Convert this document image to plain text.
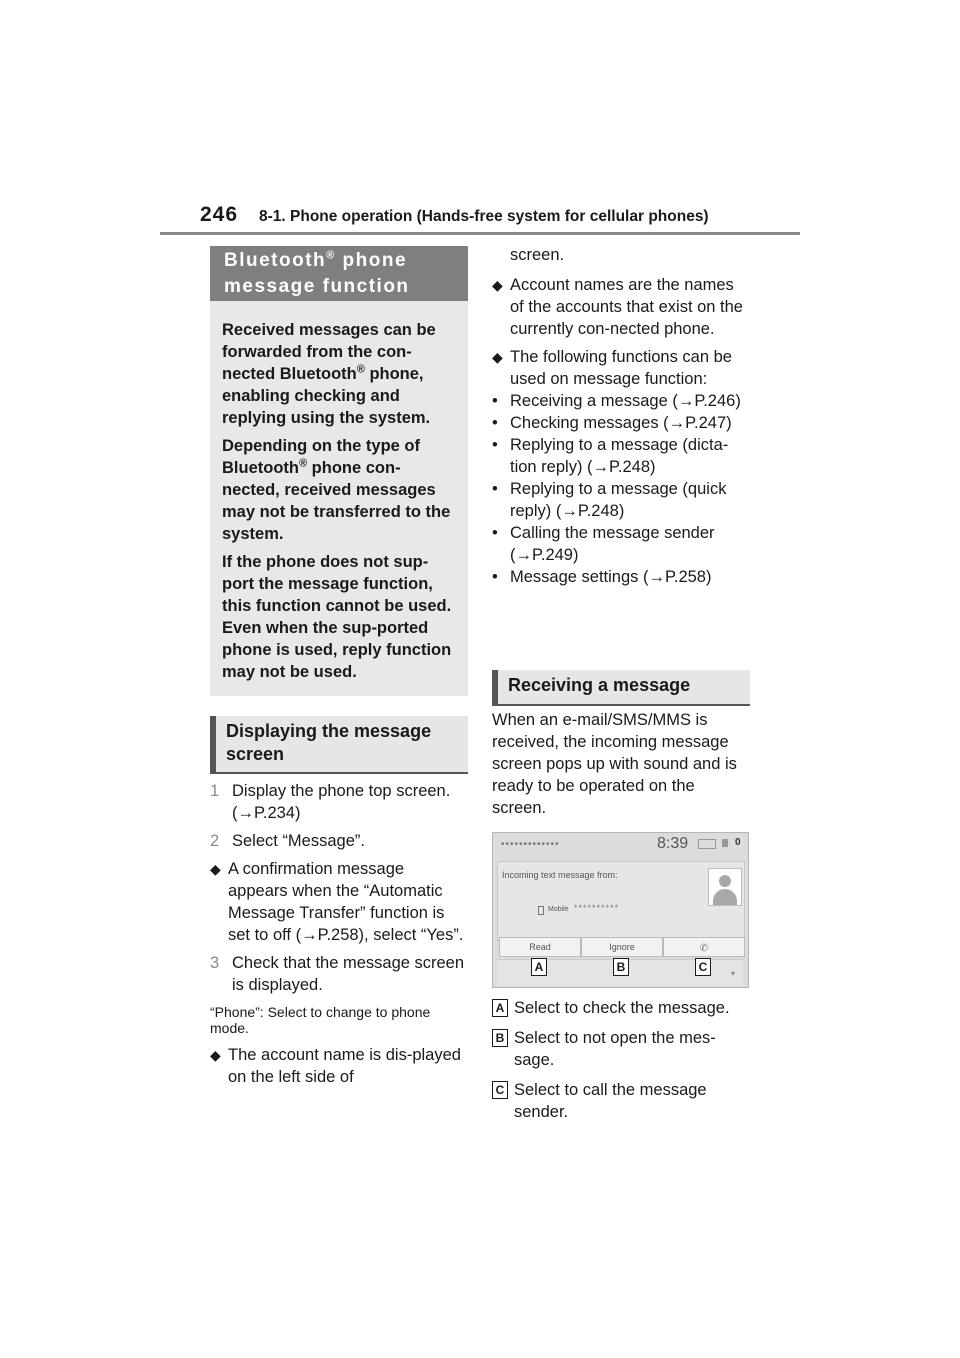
246 8-1. Phone operation (Hands-free system for cellular phones)
Bluetooth® phone
message function

Received messages can be forwarded from the con-nected Bluetooth® phone, enabling checking and replying using the system.

Depending on the type of Bluetooth® phone con-nected, received messages may not be transferred to the system.

If the phone does not sup-port the message function, this function cannot be used. Even when the sup-ported phone is used, reply function may not be used.

Displaying the message screen
1 Display the phone top screen. (→P.234)
2 Select “Message”.
◆ A confirmation message appears when the “Automatic Message Transfer” function is set to off (→P.258), select “Yes”.
3 Check that the message screen is displayed.
“Phone”: Select to change to phone mode.
◆ The account name is dis-played on the left side of
screen.
◆ Account names are the names of the accounts that exist on the currently con-nected phone.
◆ The following functions can be used on message function:
• Receiving a message (→P.246)
• Checking messages (→P.247)
• Replying to a message (dicta-tion reply) (→P.248)
• Replying to a message (quick reply) (→P.248)
• Calling the message sender (→P.249)
• Message settings (→P.258)
Receiving a message
When an e-mail/SMS/MMS is received, the incoming message screen pops up with sound and is ready to be operated on the screen.
•••••••••••••	8:39	0
Incoming text message from:
Mobile **********
Read	Ignore	✆
▾
A	B	C
A Select to check the message.
B Select to not open the mes-sage.
C Select to call the message sender.
